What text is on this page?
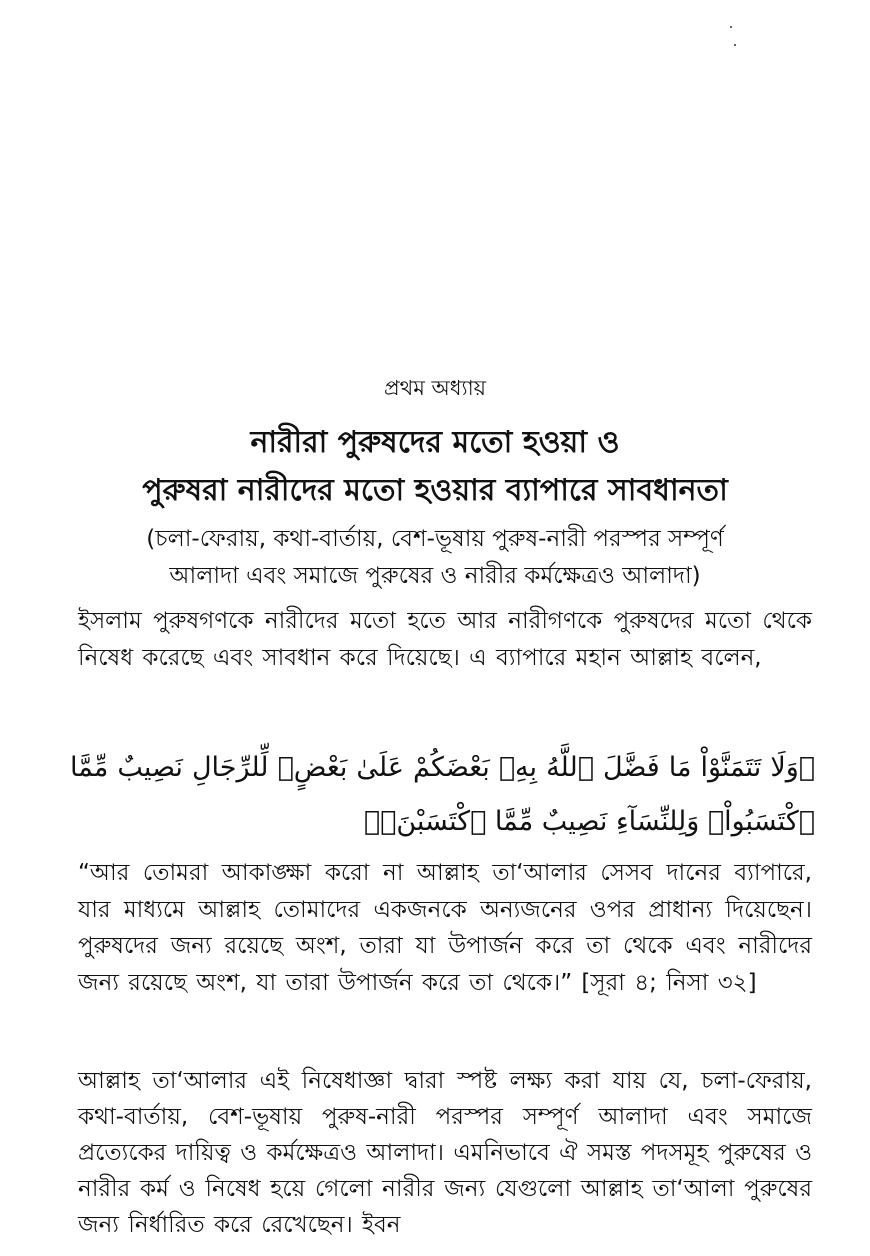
প্রথম অধ্যায়
নারীরা পুরুষদের মতো হওয়া ও
পুরুষরা নারীদের মতো হওয়ার ব্যাপারে সাবধানতা
(চলা-ফেরায়, কথা-বার্তায়, বেশ-ভূষায় পুরুষ-নারী পরস্পর সম্পূর্ণ
আলাদা এবং সমাজে পুরুষের ও নারীর কর্মক্ষেত্রও আলাদা)

ইসলাম পুরুষগণকে নারীদের মতো হতে আর নারীগণকে পুরুষদের মতো থেকে নিষেধ করেছে এবং সাবধান করে দিয়েছে। এ ব্যাপারে মহান আল্লাহ বলেন,

﴿وَلَا تَتَمَنَّوْاْ مَا فَضَّلَ ٱللَّهُ بِهِۦ بَعْضَكُمْ عَلَىٰ بَعْضٍۚ لِّلرِّجَالِ نَصِيبٌ مِّمَّا ٱكْتَسَبُواْۖ وَلِلنِّسَآءِ نَصِيبٌ مِّمَّا ٱكْتَسَبْنَۚ﴾

“আর তোমরা আকাঙ্ক্ষা করো না আল্লাহ তা‘আলার সেসব দানের ব্যাপারে, যার মাধ্যমে আল্লাহ তোমাদের একজনকে অন্যজনের ওপর প্রাধান্য দিয়েছেন। পুরুষদের জন্য রয়েছে অংশ, তারা যা উপার্জন করে তা থেকে এবং নারীদের জন্য রয়েছে অংশ, যা তারা উপার্জন করে তা থেকে।” [সূরা ৪; নিসা ৩২]

আল্লাহ তা‘আলার এই নিষেধাজ্ঞা দ্বারা স্পষ্ট লক্ষ্য করা যায় যে, চলা-ফেরায়, কথা-বার্তায়, বেশ-ভূষায় পুরুষ-নারী পরস্পর সম্পূর্ণ আলাদা এবং সমাজে প্রত্যেকের দায়িত্ব ও কর্মক্ষেত্রও আলাদা। এমনিভাবে ঐ সমস্ত পদসমূহ পুরুষের ও নারীর কর্ম ও নিষেধ হয়ে গেলো নারীর জন্য যেগুলো আল্লাহ তা‘আলা পুরুষের জন্য নির্ধারিত করে রেখেছেন। ইবন
